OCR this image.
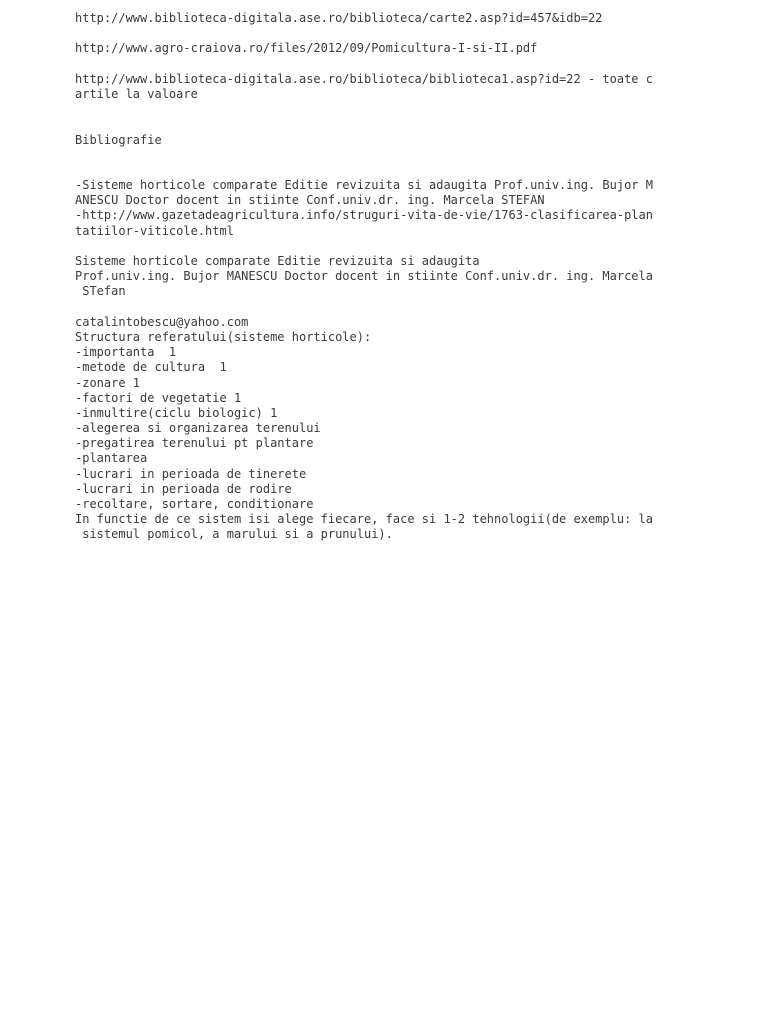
http://www.biblioteca-digitala.ase.ro/biblioteca/carte2.asp?id=457&idb=22
http://www.agro-craiova.ro/files/2012/09/Pomicultura-I-si-II.pdf
http://www.biblioteca-digitala.ase.ro/biblioteca/biblioteca1.asp?id=22 - toate c
artile la valoare
Bibliografie
-Sisteme horticole comparate Editie revizuita si adaugita Prof.univ.ing. Bujor M
ANESCU Doctor docent in stiinte Conf.univ.dr. ing. Marcela STEFAN
-http://www.gazetadeagricultura.info/struguri-vita-de-vie/1763-clasificarea-plan
tatiilor-viticole.html
Sisteme horticole comparate Editie revizuita si adaugita
Prof.univ.ing. Bujor MANESCU Doctor docent in stiinte Conf.univ.dr. ing. Marcela
STefan
catalintobescu@yahoo.com
Structura referatului(sisteme horticole):
-importanta  1
-metode de cultura  1
-zonare 1
-factori de vegetatie 1
-inmultire(ciclu biologic) 1
-alegerea si organizarea terenului
-pregatirea terenului pt plantare
-plantarea
-lucrari in perioada de tinerete
-lucrari in perioada de rodire
-recoltare, sortare, conditionare
In functie de ce sistem isi alege fiecare, face si 1-2 tehnologii(de exemplu: la
sistemul pomicol, a marului si a prunului).
